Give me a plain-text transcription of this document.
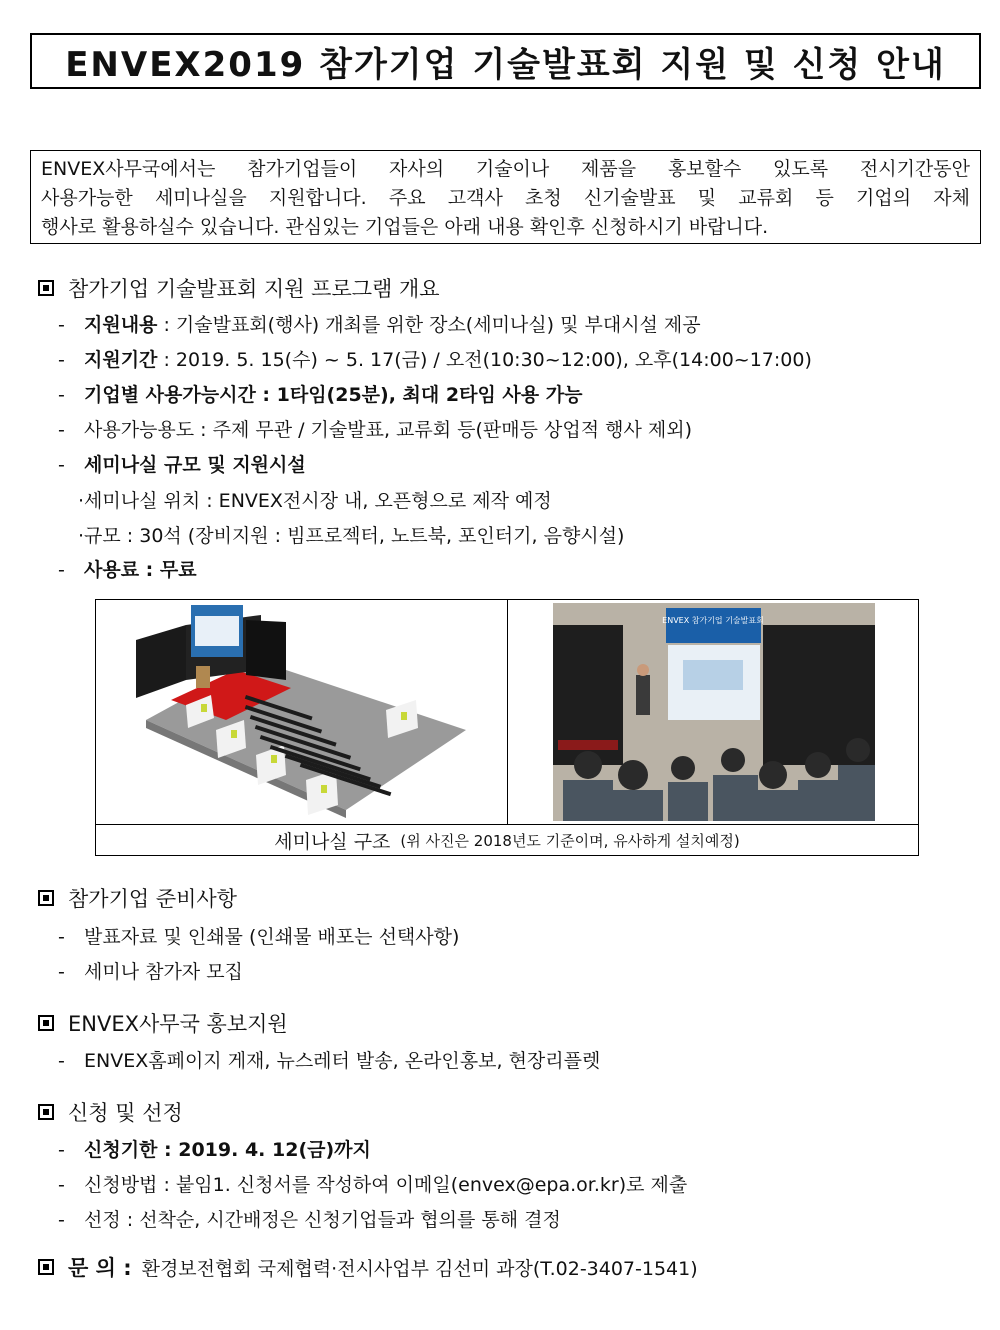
ENVEX2019 참가기업 기술발표회 지원 및 신청 안내
ENVEX사무국에서는 참가기업들이 자사의 기술이나 제품을 홍보할수 있도록 전시기간동안
사용가능한 세미나실을 지원합니다. 주요 고객사 초청 신기술발표 및 교류회 등 기업의 자체
행사로 활용하실수 있습니다. 관심있는 기업들은 아래 내용 확인후 신청하시기 바랍니다.
참가기업 기술발표회 지원 프로그램 개요
- 지원내용 : 기술발표회(행사) 개최를 위한 장소(세미나실) 및 부대시설 제공
- 지원기간 : 2019. 5. 15(수) ~ 5. 17(금) / 오전(10:30~12:00), 오후(14:00~17:00)
- 기업별 사용가능시간 : 1타임(25분), 최대 2타임 사용 가능
- 사용가능용도 : 주제 무관 / 기술발표, 교류회 등(판매등 상업적 행사 제외)
- 세미나실 규모 및 지원시설
·세미나실 위치 : ENVEX전시장 내, 오픈형으로 제작 예정
·규모 : 30석 (장비지원 : 빔프로젝터, 노트북, 포인터기, 음향시설)
- 사용료 : 무료
ENVEX 참가기업 기술발표회
세미나실 구조 (위 사진은 2018년도 기준이며, 유사하게 설치예정)
참가기업 준비사항
- 발표자료 및 인쇄물 (인쇄물 배포는 선택사항)
- 세미나 참가자 모집
ENVEX사무국 홍보지원
- ENVEX홈페이지 게재, 뉴스레터 발송, 온라인홍보, 현장리플렛
신청 및 선정
- 신청기한 : 2019. 4. 12(금)까지
- 신청방법 : 붙임1. 신청서를 작성하여 이메일(envex@epa.or.kr)로 제출
- 선정 : 선착순, 시간배정은 신청기업들과 협의를 통해 결정
문 의 : 환경보전협회 국제협력·전시사업부 김선미 과장(T.02-3407-1541)
